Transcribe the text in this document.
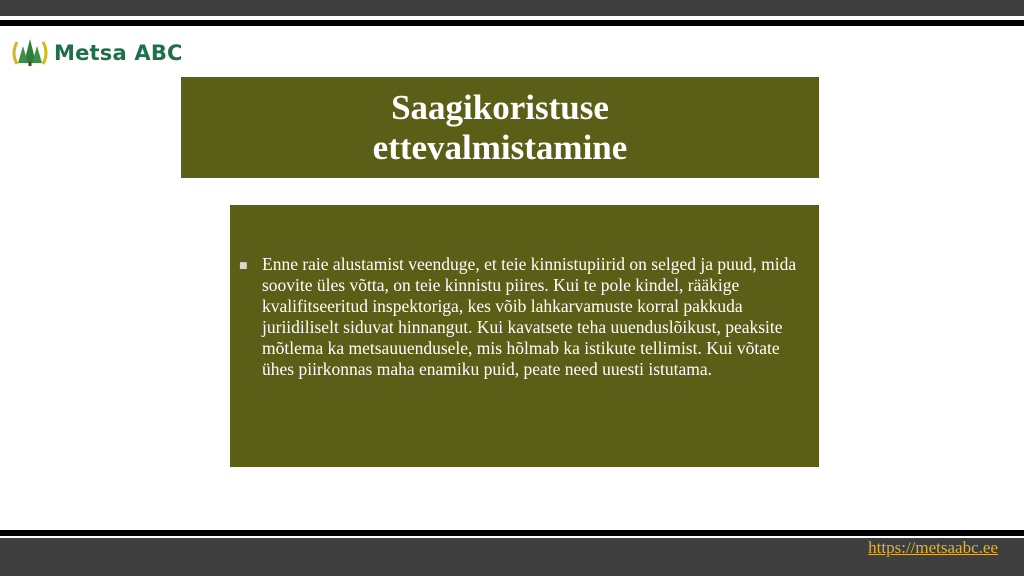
Metsa ABC
Saagikoristuse ettevalmistamine
■ Enne raie alustamist veenduge, et teie kinnistupiirid on selged ja puud, mida soovite üles võtta, on teie kinnistu piires. Kui te pole kindel, rääkige kvalifitseeritud inspektoriga, kes võib lahkarvamuste korral pakkuda juriidiliselt siduvat hinnangut. Kui kavatsete teha uuenduslõikust, peaksite mõtlema ka metsauuendusele, mis hõlmab ka istikute tellimist. Kui võtate ühes piirkonnas maha enamiku puid, peate need uuesti istutama.
https://metsaabc.ee
